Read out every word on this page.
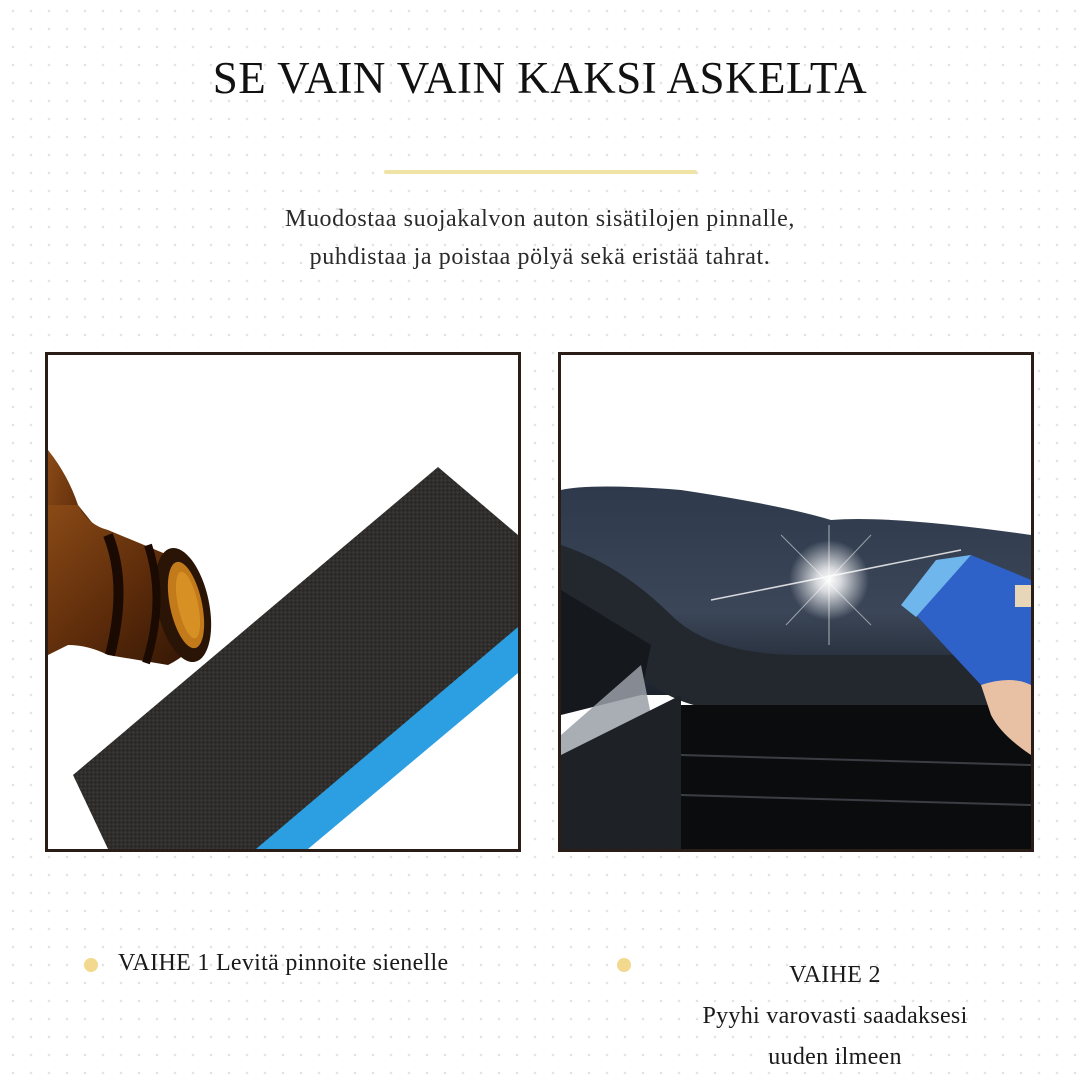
SE VAIN VAIN KAKSI ASKELTA
Muodostaa suojakalvon auton sisätilojen pinnalle,
puhdistaa ja poistaa pölyä sekä eristää tahrat.
VAIHE 1 Levitä pinnoite sienelle	VAIHE 2
Pyyhi varovasti saadaksesi
uuden ilmeen
